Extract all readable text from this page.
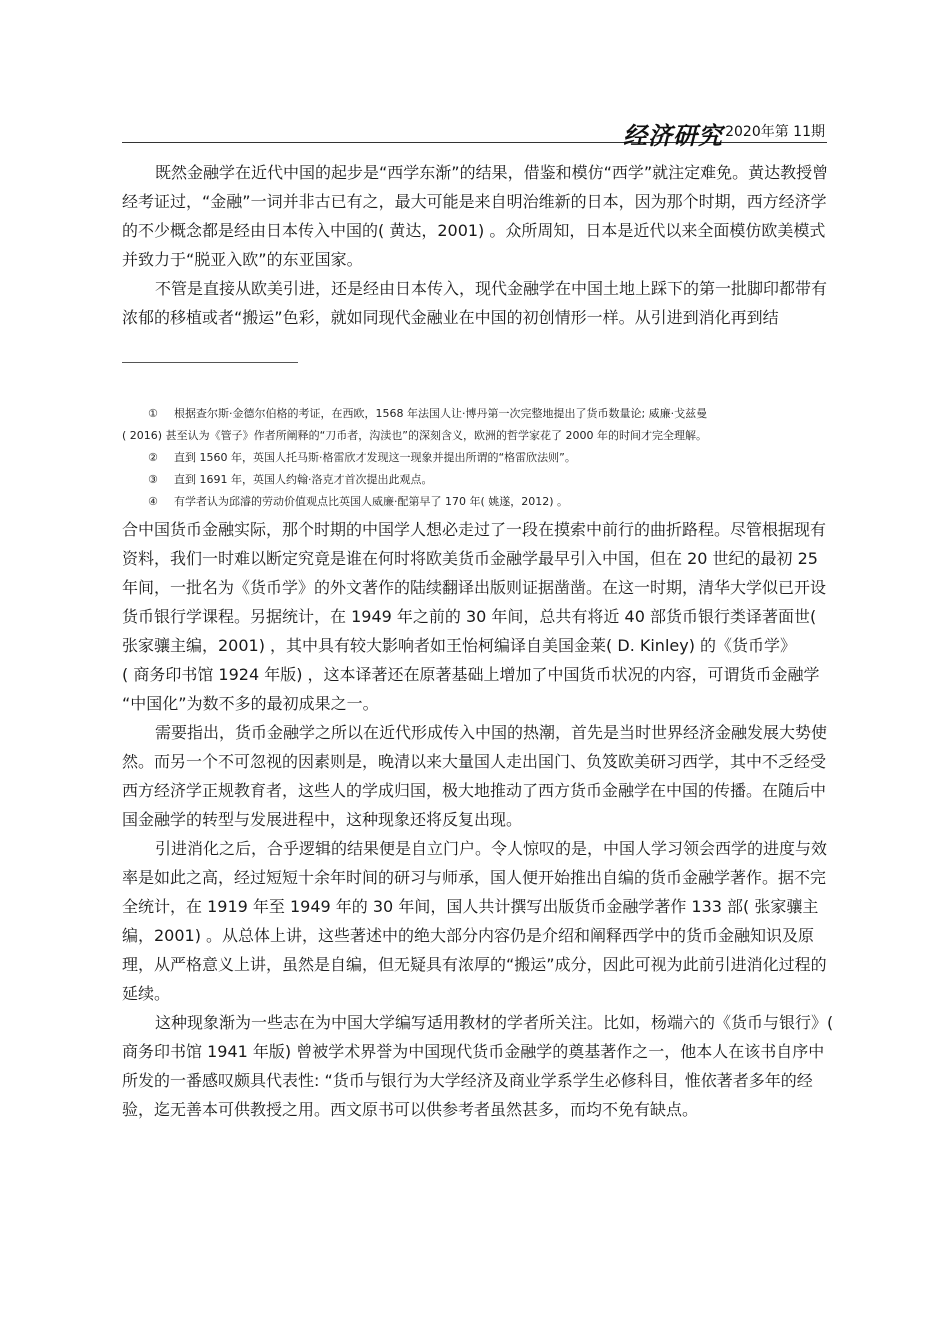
经济研究 2020年第 11期

既然金融学在近代中国的起步是“西学东渐”的结果，借鉴和模仿“西学”就注定难免。黄达教授曾经考证过，“金融”一词并非古已有之，最大可能是来自明治维新的日本，因为那个时期，西方经济学的不少概念都是经由日本传入中国的( 黄达，2001) 。众所周知，日本是近代以来全面模仿欧美模式并致力于“脱亚入欧”的东亚国家。

不管是直接从欧美引进，还是经由日本传入，现代金融学在中国土地上踩下的第一批脚印都带有浓郁的移植或者“搬运”色彩，就如同现代金融业在中国的初创情形一样。从引进到消化再到结

① 根据查尔斯·金德尔伯格的考证，在西欧，1568 年法国人让·博丹第一次完整地提出了货币数量论; 威廉·戈兹曼

( 2016) 甚至认为《管子》作者所阐释的“刀币者，沟渎也”的深刻含义，欧洲的哲学家花了 2000 年的时间才完全理解。

② 直到 1560 年，英国人托马斯·格雷欣才发现这一现象并提出所谓的“格雷欣法则”。

③ 直到 1691 年，英国人约翰·洛克才首次提出此观点。

④ 有学者认为邱濬的劳动价值观点比英国人威廉·配第早了 170 年( 姚遂，2012) 。

合中国货币金融实际，那个时期的中国学人想必走过了一段在摸索中前行的曲折路程。尽管根据现有资料，我们一时难以断定究竟是谁在何时将欧美货币金融学最早引入中国，但在 20 世纪的最初 25 年间，一批名为《货币学》的外文著作的陆续翻译出版则证据凿凿。在这一时期，清华大学似已开设货币银行学课程。另据统计，在 1949 年之前的 30 年间，总共有将近 40 部货币银行类译著面世( 张家骧主编，2001) ，其中具有较大影响者如王怡柯编译自美国金莱( D. Kinley) 的《货币学》

( 商务印书馆 1924 年版) ，这本译著还在原著基础上增加了中国货币状况的内容，可谓货币金融学

“中国化”为数不多的最初成果之一。

需要指出，货币金融学之所以在近代形成传入中国的热潮，首先是当时世界经济金融发展大势使然。而另一个不可忽视的因素则是，晚清以来大量国人走出国门、负笈欧美研习西学，其中不乏经受西方经济学正规教育者，这些人的学成归国，极大地推动了西方货币金融学在中国的传播。在随后中国金融学的转型与发展进程中，这种现象还将反复出现。

引进消化之后，合乎逻辑的结果便是自立门户。令人惊叹的是，中国人学习领会西学的进度与效率是如此之高，经过短短十余年时间的研习与师承，国人便开始推出自编的货币金融学著作。据不完全统计，在 1919 年至 1949 年的 30 年间，国人共计撰写出版货币金融学著作 133 部( 张家骧主编，2001) 。从总体上讲，这些著述中的绝大部分内容仍是介绍和阐释西学中的货币金融知识及原理，从严格意义上讲，虽然是自编，但无疑具有浓厚的“搬运”成分，因此可视为此前引进消化过程的延续。

这种现象渐为一些志在为中国大学编写适用教材的学者所关注。比如，杨端六的《货币与银行》( 商务印书馆 1941 年版) 曾被学术界誉为中国现代货币金融学的奠基著作之一，他本人在该书自序中所发的一番感叹颇具代表性: “货币与银行为大学经济及商业学系学生必修科目，惟依著者多年的经验，迄无善本可供教授之用。西文原书可以供参考者虽然甚多，而均不免有缺点。
